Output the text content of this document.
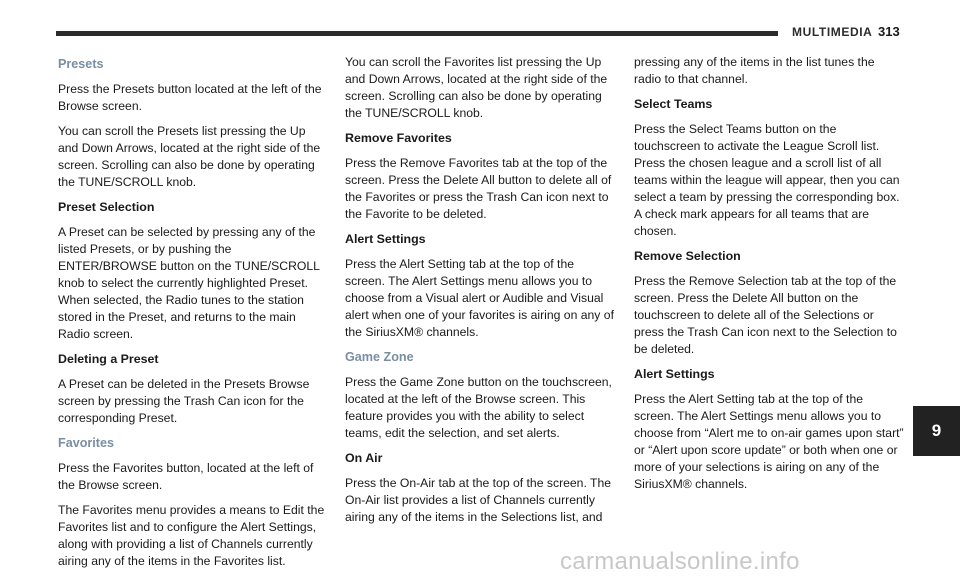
MULTIMEDIA 313
9
Presets

Press the Presets button located at the left of the Browse screen.

You can scroll the Presets list pressing the Up and Down Arrows, located at the right side of the screen. Scrolling can also be done by operating the TUNE/SCROLL knob.

Preset Selection

A Preset can be selected by pressing any of the listed Presets, or by pushing the ENTER/BROWSE button on the TUNE/SCROLL knob to select the currently highlighted Preset. When selected, the Radio tunes to the station stored in the Preset, and returns to the main Radio screen.

Deleting a Preset

A Preset can be deleted in the Presets Browse screen by pressing the Trash Can icon for the corresponding Preset.

Favorites

Press the Favorites button, located at the left of the Browse screen.

The Favorites menu provides a means to Edit the Favorites list and to configure the Alert Settings, along with providing a list of Channels currently airing any of the items in the Favorites list.

You can scroll the Favorites list pressing the Up and Down Arrows, located at the right side of the screen. Scrolling can also be done by operating the TUNE/SCROLL knob.

Remove Favorites

Press the Remove Favorites tab at the top of the screen. Press the Delete All button to delete all of the Favorites or press the Trash Can icon next to the Favorite to be deleted.

Alert Settings

Press the Alert Setting tab at the top of the screen. The Alert Settings menu allows you to choose from a Visual alert or Audible and Visual alert when one of your favorites is airing on any of the SiriusXM® channels.

Game Zone

Press the Game Zone button on the touchscreen, located at the left of the Browse screen. This feature provides you with the ability to select teams, edit the selection, and set alerts.

On Air

Press the On-Air tab at the top of the screen. The On-Air list provides a list of Channels currently airing any of the items in the Selections list, and

pressing any of the items in the list tunes the radio to that channel.

Select Teams

Press the Select Teams button on the touchscreen to activate the League Scroll list. Press the chosen league and a scroll list of all teams within the league will appear, then you can select a team by pressing the corresponding box. A check mark appears for all teams that are chosen.

Remove Selection

Press the Remove Selection tab at the top of the screen. Press the Delete All button on the touchscreen to delete all of the Selections or press the Trash Can icon next to the Selection to be deleted.

Alert Settings

Press the Alert Setting tab at the top of the screen. The Alert Settings menu allows you to choose from “Alert me to on-air games upon start” or “Alert upon score update” or both when one or more of your selections is airing on any of the SiriusXM® channels.

carmanualsonline.info
